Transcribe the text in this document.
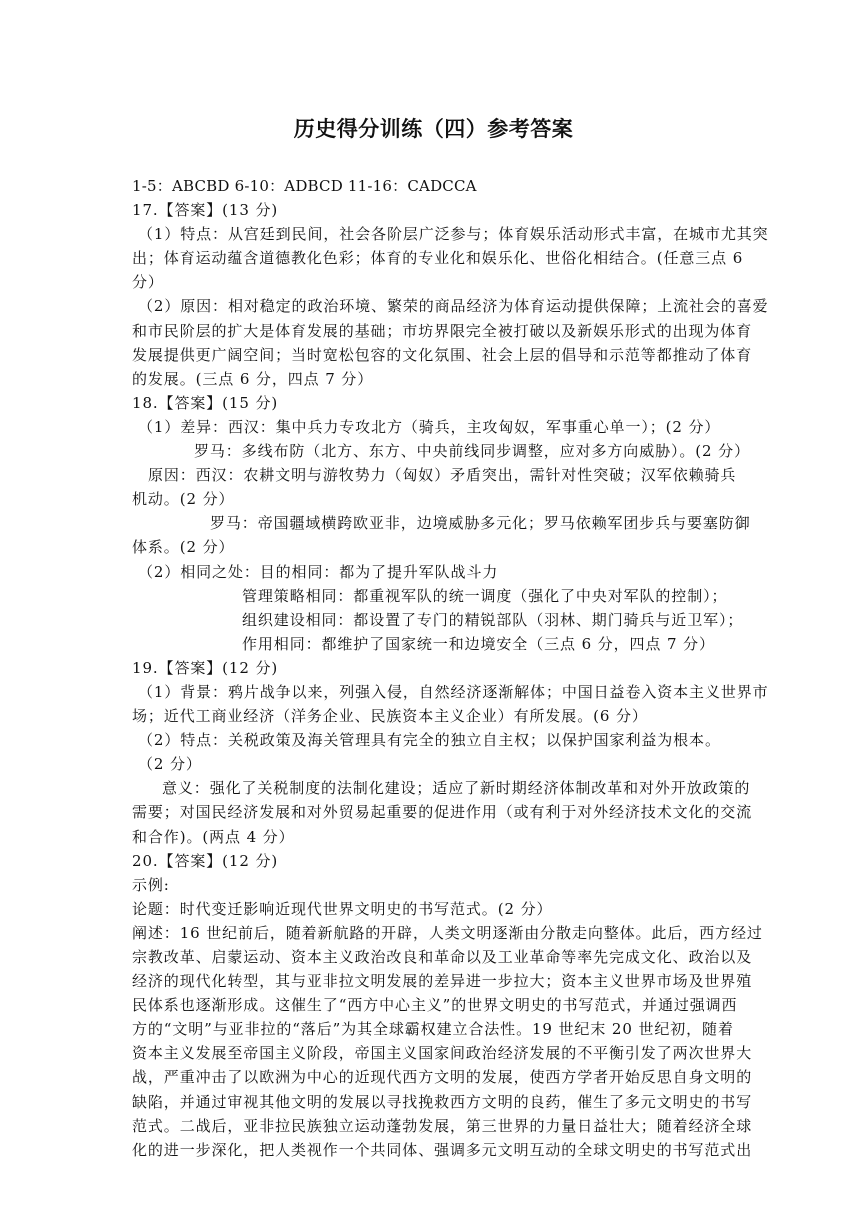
历史得分训练（四）参考答案
1-5：ABCBD 6-10：ADBCD 11-16：CADCCA
17.【答案】(13 分)
（1）特点：从宫廷到民间，社会各阶层广泛参与；体育娱乐活动形式丰富，在城市尤其突
出；体育运动蕴含道德教化色彩；体育的专业化和娱乐化、世俗化相结合。(任意三点 6
分）
（2）原因：相对稳定的政治环境、繁荣的商品经济为体育运动提供保障；上流社会的喜爱
和市民阶层的扩大是体育发展的基础；市坊界限完全被打破以及新娱乐形式的出现为体育
发展提供更广阔空间；当时宽松包容的文化氛围、社会上层的倡导和示范等都推动了体育
的发展。(三点 6 分，四点 7 分）
18.【答案】(15 分)
（1）差异：西汉：集中兵力专攻北方（骑兵，主攻匈奴，军事重心单一）；(2 分）
罗马：多线布防（北方、东方、中央前线同步调整，应对多方向威胁）。(2 分）
原因：西汉：农耕文明与游牧势力（匈奴）矛盾突出，需针对性突破；汉军依赖骑兵
机动。(2 分）
罗马：帝国疆域横跨欧亚非，边境威胁多元化；罗马依赖军团步兵与要塞防御
体系。(2 分）
（2）相同之处：目的相同：都为了提升军队战斗力
管理策略相同：都重视军队的统一调度（强化了中央对军队的控制）；
组织建设相同：都设置了专门的精锐部队（羽林、期门骑兵与近卫军）；
作用相同：都维护了国家统一和边境安全（三点 6 分，四点 7 分）
19.【答案】(12 分)
（1）背景：鸦片战争以来，列强入侵，自然经济逐渐解体；中国日益卷入资本主义世界市
场；近代工商业经济（洋务企业、民族资本主义企业）有所发展。(6 分）
（2）特点：关税政策及海关管理具有完全的独立自主权；以保护国家利益为根本。
（2 分）
意义：强化了关税制度的法制化建设；适应了新时期经济体制改革和对外开放政策的
需要；对国民经济发展和对外贸易起重要的促进作用（或有利于对外经济技术文化的交流
和合作)。(两点 4 分）
20.【答案】(12 分)
示例:
论题：时代变迁影响近现代世界文明史的书写范式。(2 分）
阐述：16 世纪前后，随着新航路的开辟，人类文明逐渐由分散走向整体。此后，西方经过
宗教改革、启蒙运动、资本主义政治改良和革命以及工业革命等率先完成文化、政治以及
经济的现代化转型，其与亚非拉文明发展的差异进一步拉大；资本主义世界市场及世界殖
民体系也逐渐形成。这催生了“西方中心主义”的世界文明史的书写范式，并通过强调西
方的“文明”与亚非拉的“落后”为其全球霸权建立合法性。19 世纪末 20 世纪初，随着
资本主义发展至帝国主义阶段，帝国主义国家间政治经济发展的不平衡引发了两次世界大
战，严重冲击了以欧洲为中心的近现代西方文明的发展，使西方学者开始反思自身文明的
缺陷，并通过审视其他文明的发展以寻找挽救西方文明的良药，催生了多元文明史的书写
范式。二战后，亚非拉民族独立运动蓬勃发展，第三世界的力量日益壮大；随着经济全球
化的进一步深化，把人类视作一个共同体、强调多元文明互动的全球文明史的书写范式出
